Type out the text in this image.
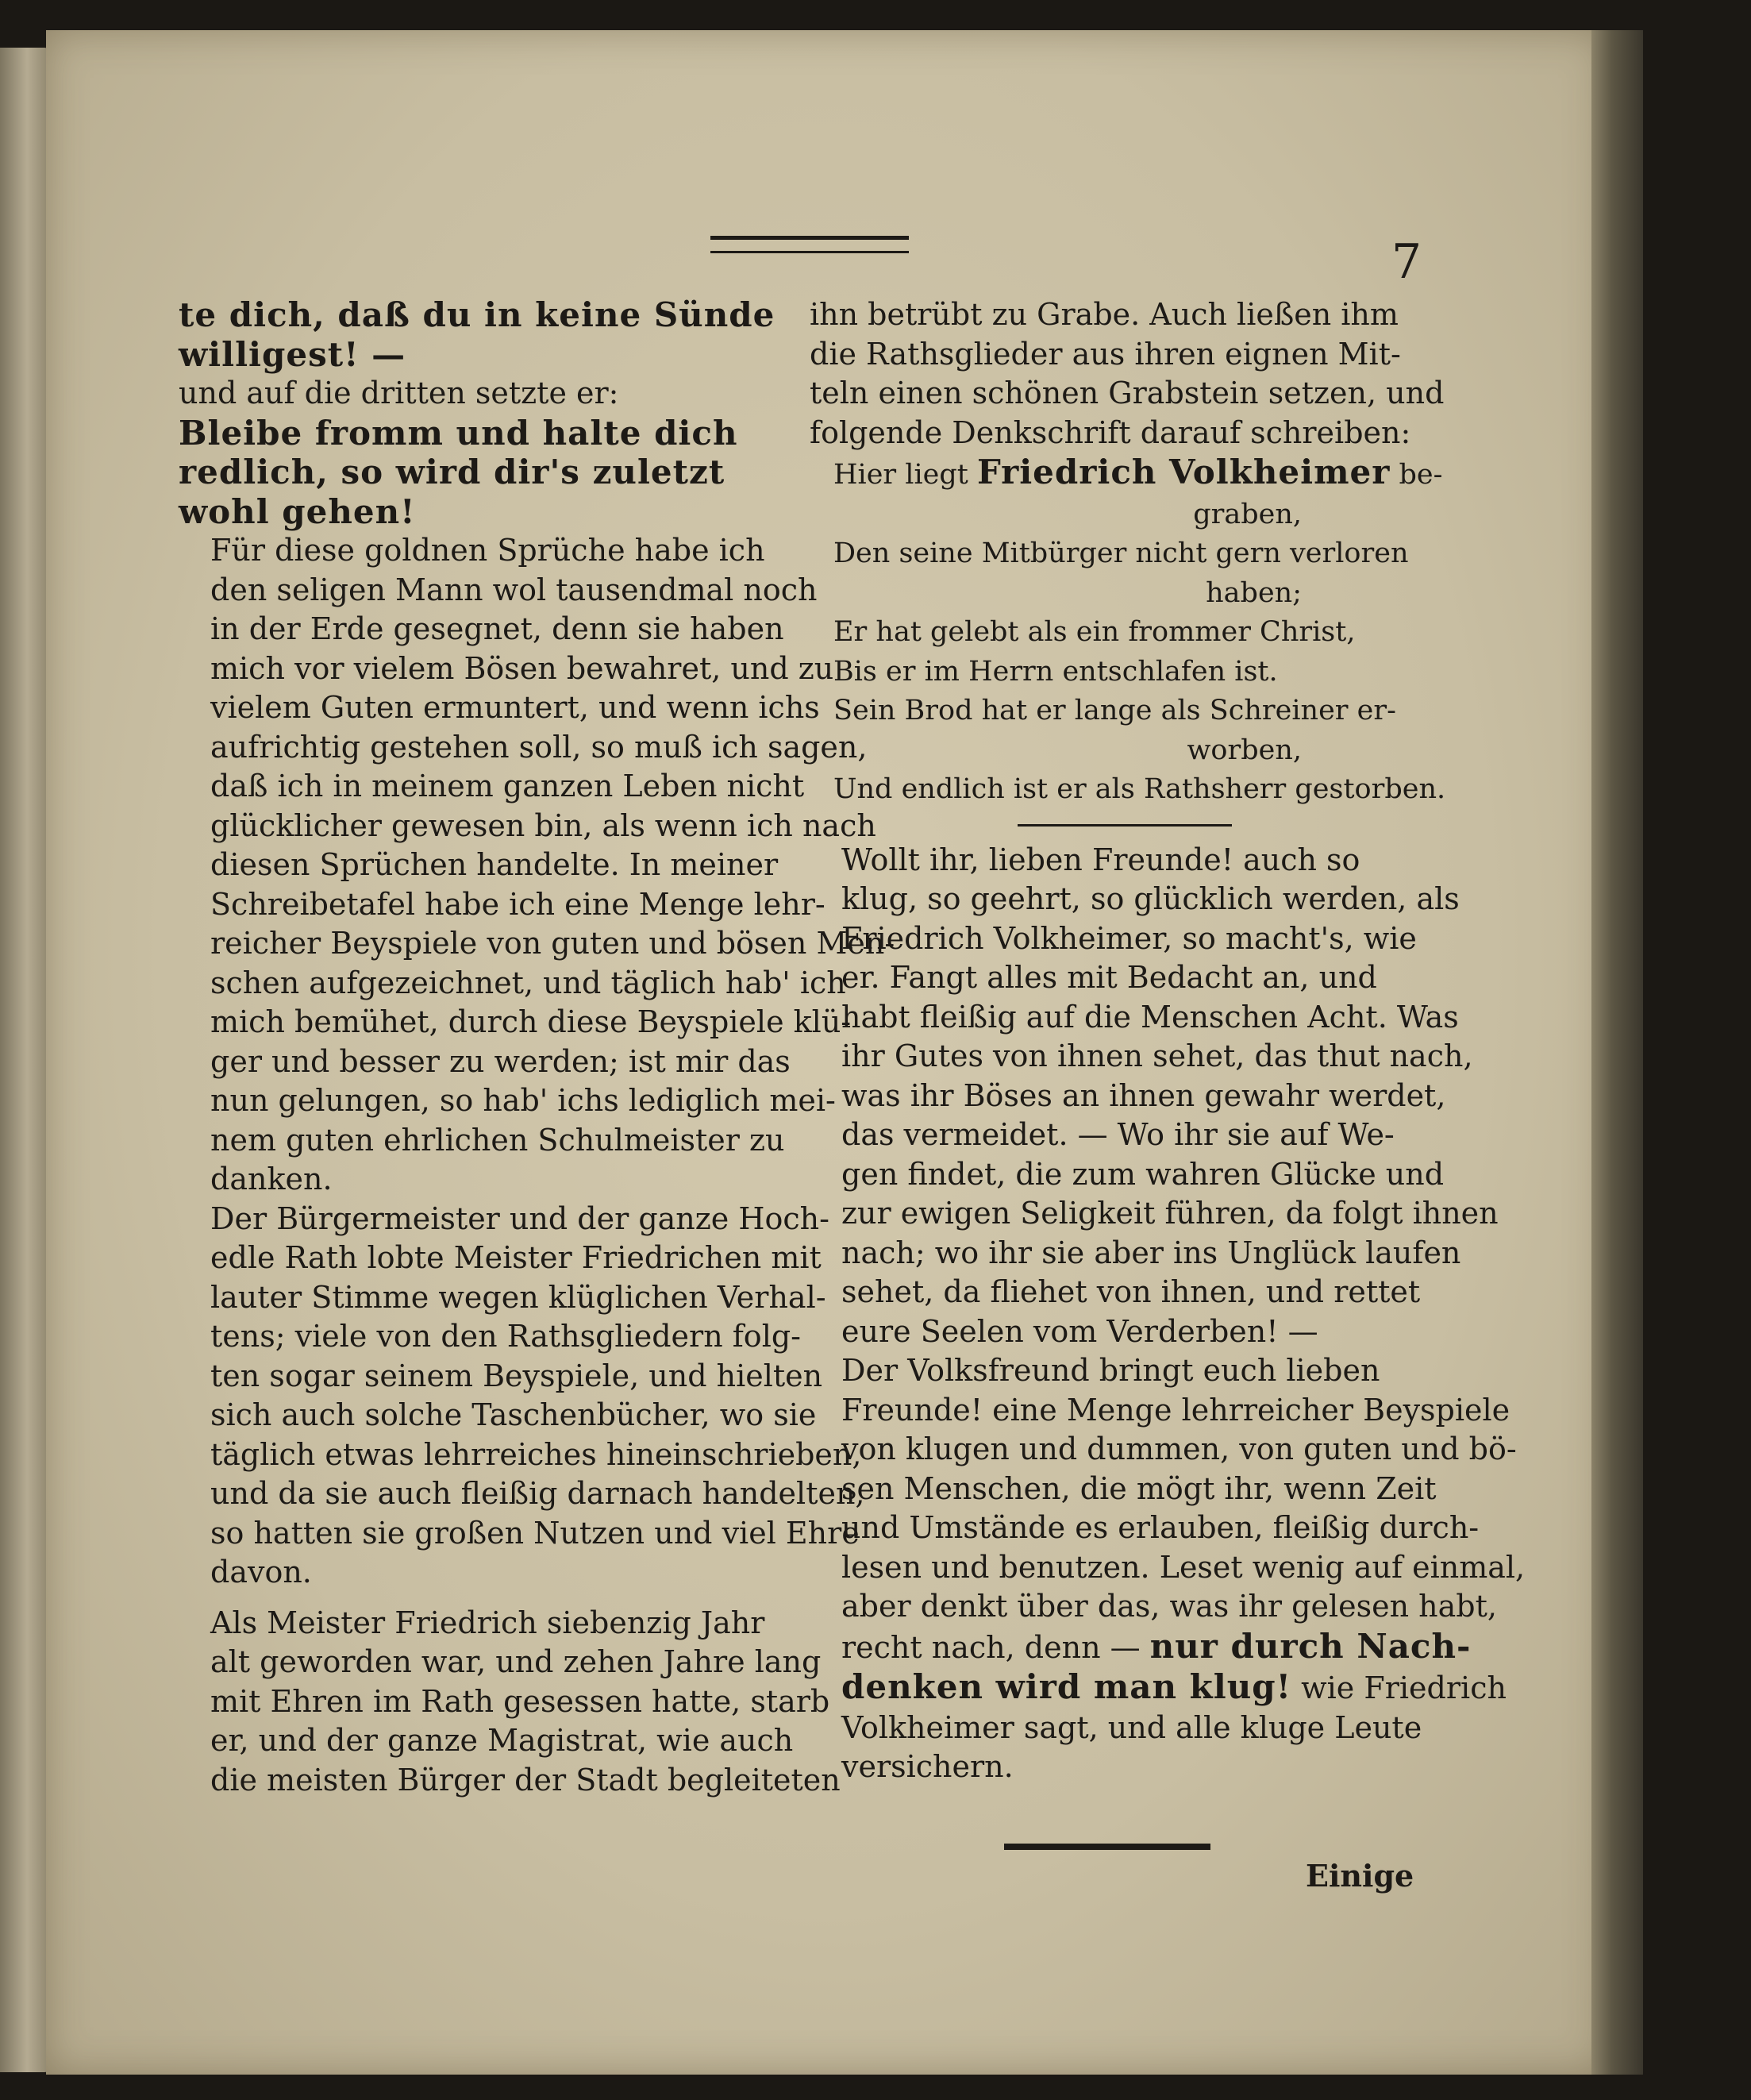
7

te dich, daß du in keine Sünde
willigest! —

und auf die dritten setzte er:

Bleibe fromm und halte dich
redlich, so wird dir's zuletzt
wohl gehen!

Für diese goldnen Sprüche habe ich
den seligen Mann wol tausendmal noch
in der Erde gesegnet, denn sie haben
mich vor vielem Bösen bewahret, und zu
vielem Guten ermuntert, und wenn ichs
aufrichtig gestehen soll, so muß ich sagen,
daß ich in meinem ganzen Leben nicht
glücklicher gewesen bin, als wenn ich nach
diesen Sprüchen handelte. In meiner
Schreibetafel habe ich eine Menge lehr-
reicher Beyspiele von guten und bösen Men-
schen aufgezeichnet, und täglich hab' ich
mich bemühet, durch diese Beyspiele klü-
ger und besser zu werden; ist mir das
nun gelungen, so hab' ichs lediglich mei-
nem guten ehrlichen Schulmeister zu
danken.

Der Bürgermeister und der ganze Hoch-
edle Rath lobte Meister Friedrichen mit
lauter Stimme wegen klüglichen Verhal-
tens; viele von den Rathsgliedern folg-
ten sogar seinem Beyspiele, und hielten
sich auch solche Taschenbücher, wo sie
täglich etwas lehrreiches hineinschrieben,
und da sie auch fleißig darnach handelten,
so hatten sie großen Nutzen und viel Ehre
davon.

Als Meister Friedrich siebenzig Jahr
alt geworden war, und zehen Jahre lang
mit Ehren im Rath gesessen hatte, starb
er, und der ganze Magistrat, wie auch
die meisten Bürger der Stadt begleiteten

ihn betrübt zu Grabe. Auch ließen ihm
die Rathsglieder aus ihren eignen Mit-
teln einen schönen Grabstein setzen, und
folgende Denkschrift darauf schreiben:

Hier liegt Friedrich Volkheimer be-
graben,
Den seine Mitbürger nicht gern verloren
haben;
Er hat gelebt als ein frommer Christ,
Bis er im Herrn entschlafen ist.
Sein Brod hat er lange als Schreiner er-
worben,
Und endlich ist er als Rathsherr gestorben.

Wollt ihr, lieben Freunde! auch so
klug, so geehrt, so glücklich werden, als
Friedrich Volkheimer, so macht's, wie
er. Fangt alles mit Bedacht an, und
habt fleißig auf die Menschen Acht. Was
ihr Gutes von ihnen sehet, das thut nach,
was ihr Böses an ihnen gewahr werdet,
das vermeidet. — Wo ihr sie auf We-
gen findet, die zum wahren Glücke und
zur ewigen Seligkeit führen, da folgt ihnen
nach; wo ihr sie aber ins Unglück laufen
sehet, da fliehet von ihnen, und rettet
eure Seelen vom Verderben! —

Der Volksfreund bringt euch lieben
Freunde! eine Menge lehrreicher Beyspiele
von klugen und dummen, von guten und bö-
sen Menschen, die mögt ihr, wenn Zeit
und Umstände es erlauben, fleißig durch-
lesen und benutzen. Leset wenig auf einmal,
aber denkt über das, was ihr gelesen habt,
recht nach, denn — nur durch Nach-
denken wird man klug! wie Friedrich
Volkheimer sagt, und alle kluge Leute
versichern.

Einige
